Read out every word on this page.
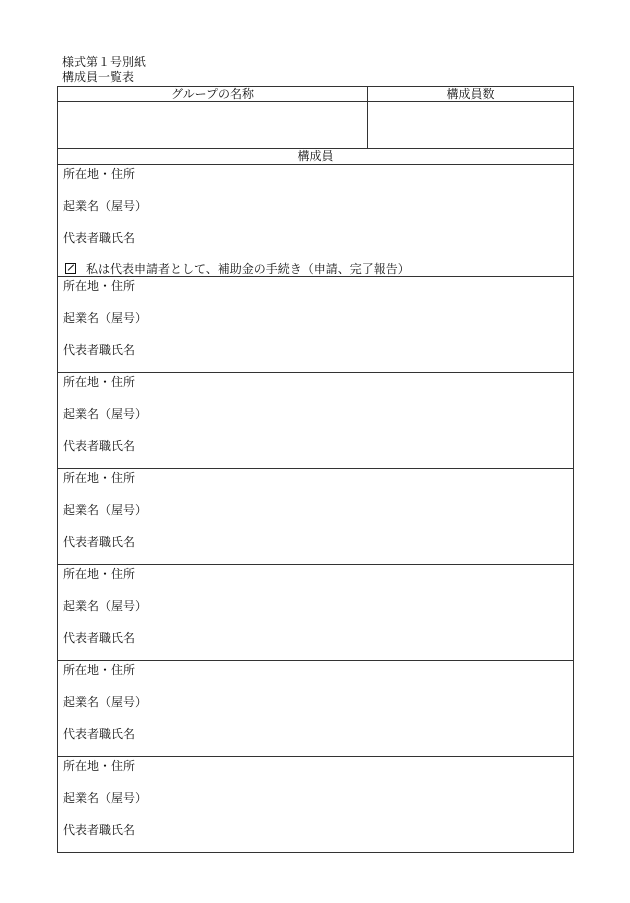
様式第１号別紙
構成員一覧表
グループの名称	構成員数

構成員	

所在地・住所
起業名（屋号）
代表者職氏名
私は代表申請者として、補助金の手続き（申請、完了報告）	

所在地・住所
起業名（屋号）
代表者職氏名	

所在地・住所
起業名（屋号）
代表者職氏名	

所在地・住所
起業名（屋号）
代表者職氏名	

所在地・住所
起業名（屋号）
代表者職氏名	

所在地・住所
起業名（屋号）
代表者職氏名	

所在地・住所
起業名（屋号）
代表者職氏名	
